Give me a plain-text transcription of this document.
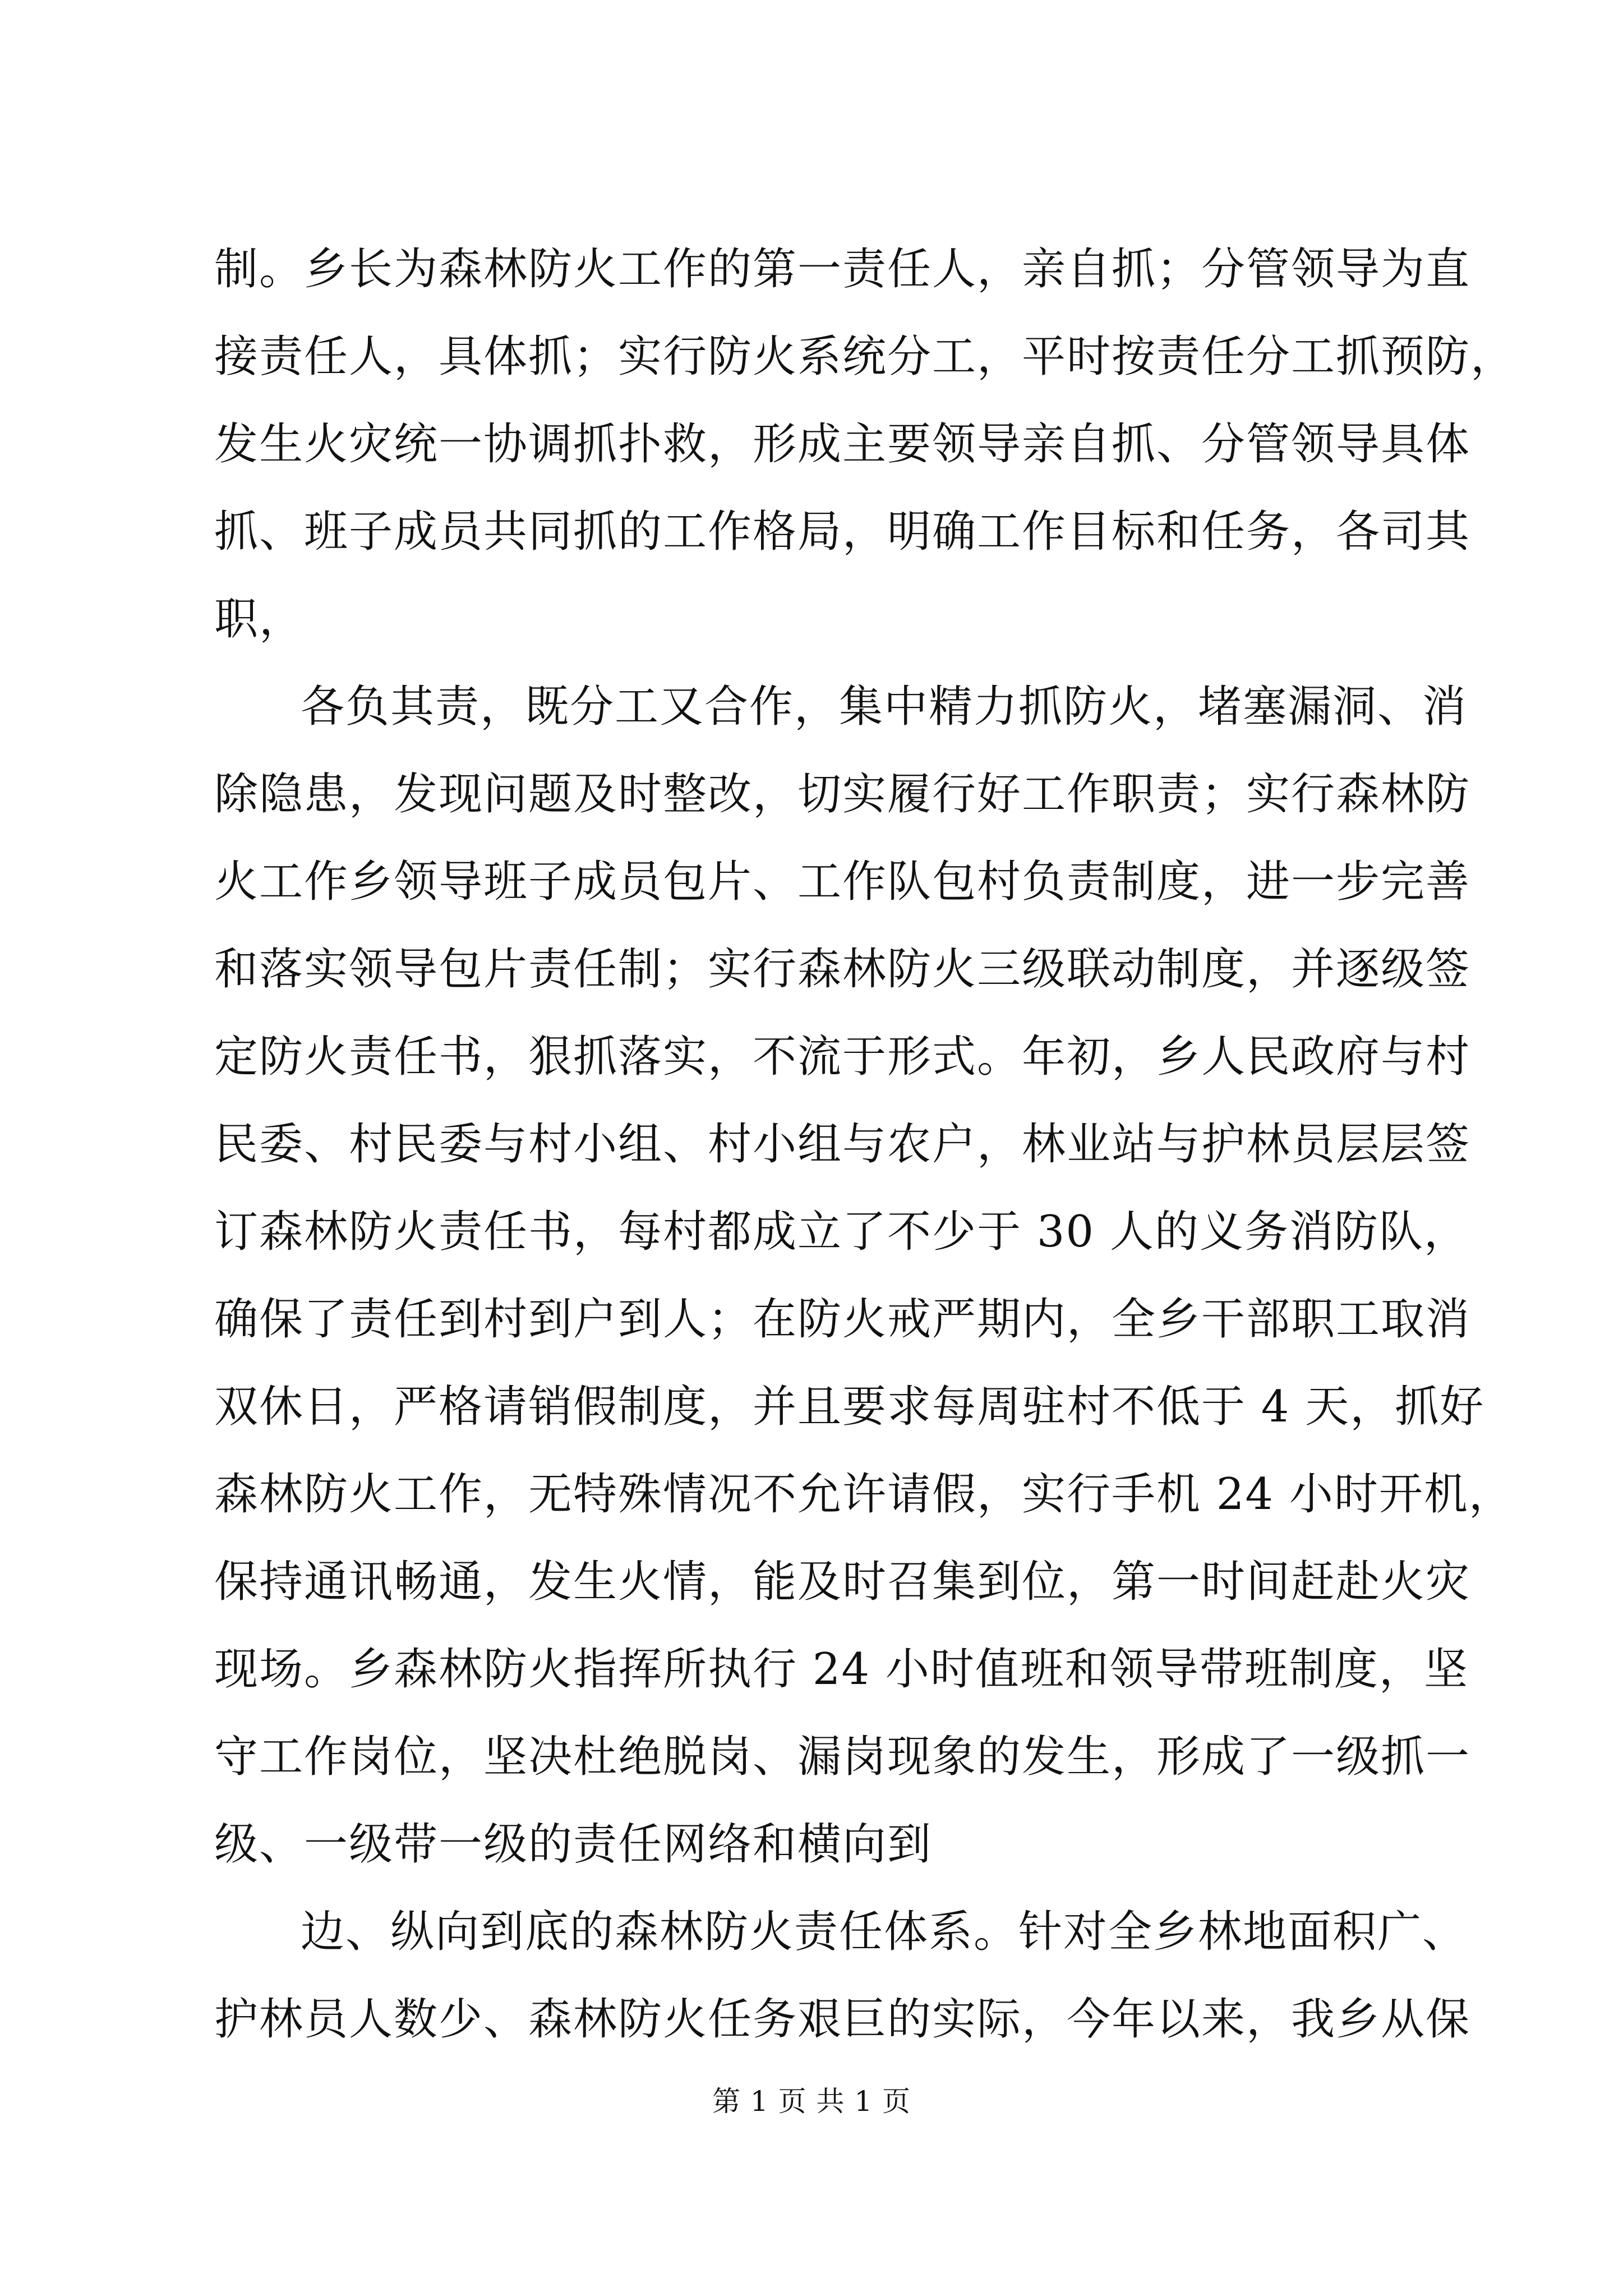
制。乡长为森林防火工作的第一责任人，亲自抓；分管领导为直
接责任人，具体抓；实行防火系统分工，平时按责任分工抓预防，
发生火灾统一协调抓扑救，形成主要领导亲自抓、分管领导具体
抓、班子成员共同抓的工作格局，明确工作目标和任务，各司其
职，
各负其责，既分工又合作，集中精力抓防火，堵塞漏洞、消
除隐患，发现问题及时整改，切实履行好工作职责；实行森林防
火工作乡领导班子成员包片、工作队包村负责制度，进一步完善
和落实领导包片责任制；实行森林防火三级联动制度，并逐级签
定防火责任书，狠抓落实，不流于形式。年初，乡人民政府与村
民委、村民委与村小组、村小组与农户，林业站与护林员层层签
订森林防火责任书，每村都成立了不少于 30 人的义务消防队，
确保了责任到村到户到人；在防火戒严期内，全乡干部职工取消
双休日，严格请销假制度，并且要求每周驻村不低于 4 天，抓好
森林防火工作，无特殊情况不允许请假，实行手机 24 小时开机，
保持通讯畅通，发生火情，能及时召集到位，第一时间赶赴火灾
现场。乡森林防火指挥所执行 24 小时值班和领导带班制度，坚
守工作岗位，坚决杜绝脱岗、漏岗现象的发生，形成了一级抓一
级、一级带一级的责任网络和横向到
边、纵向到底的森林防火责任体系。针对全乡林地面积广、
护林员人数少、森林防火任务艰巨的实际，今年以来，我乡从保
第 1 页 共 1 页
